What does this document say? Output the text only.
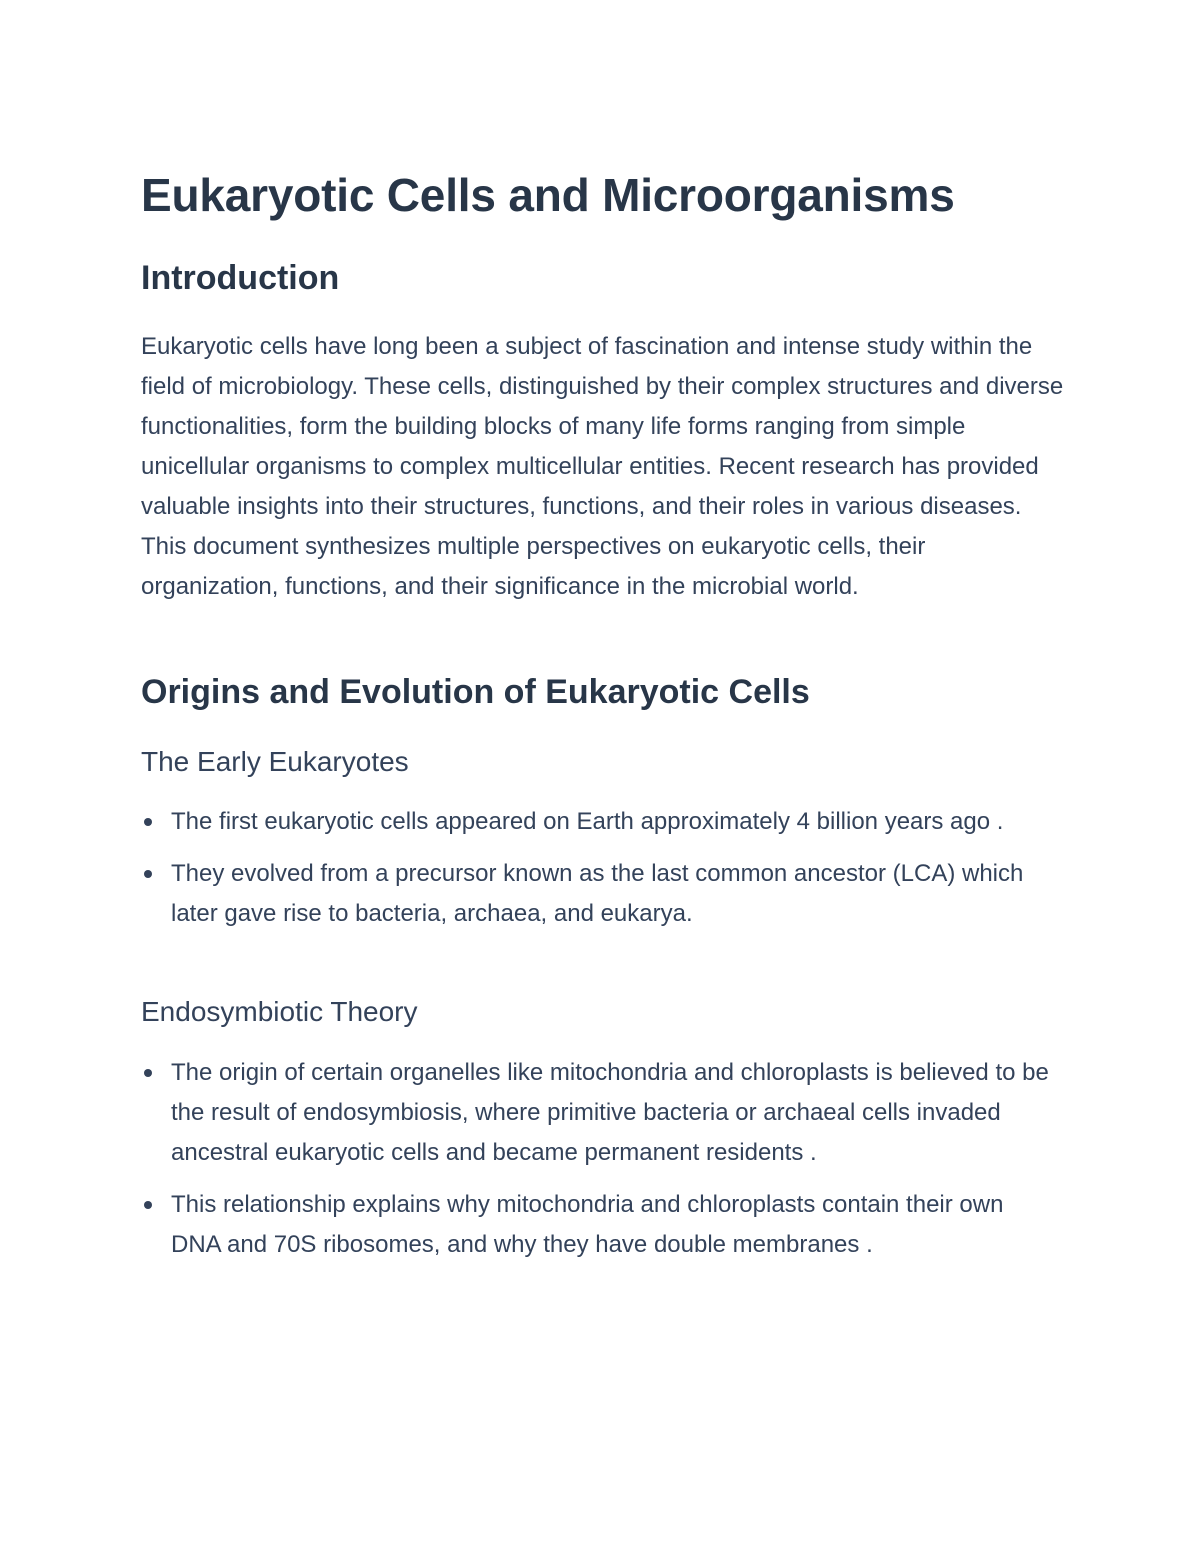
Eukaryotic Cells and Microorganisms
Introduction

Eukaryotic cells have long been a subject of fascination and intense study within the field of microbiology. These cells, distinguished by their complex structures and diverse functionalities, form the building blocks of many life forms ranging from simple unicellular organisms to complex multicellular entities. Recent research has provided valuable insights into their structures, functions, and their roles in various diseases. This document synthesizes multiple perspectives on eukaryotic cells, their organization, functions, and their significance in the microbial world.

Origins and Evolution of Eukaryotic Cells
The Early Eukaryotes
The first eukaryotic cells appeared on Earth approximately 4 billion years ago .
They evolved from a precursor known as the last common ancestor (LCA) which later gave rise to bacteria, archaea, and eukarya.
Endosymbiotic Theory
The origin of certain organelles like mitochondria and chloroplasts is believed to be the result of endosymbiosis, where primitive bacteria or archaeal cells invaded ancestral eukaryotic cells and became permanent residents .
This relationship explains why mitochondria and chloroplasts contain their own DNA and 70S ribosomes, and why they have double membranes .
